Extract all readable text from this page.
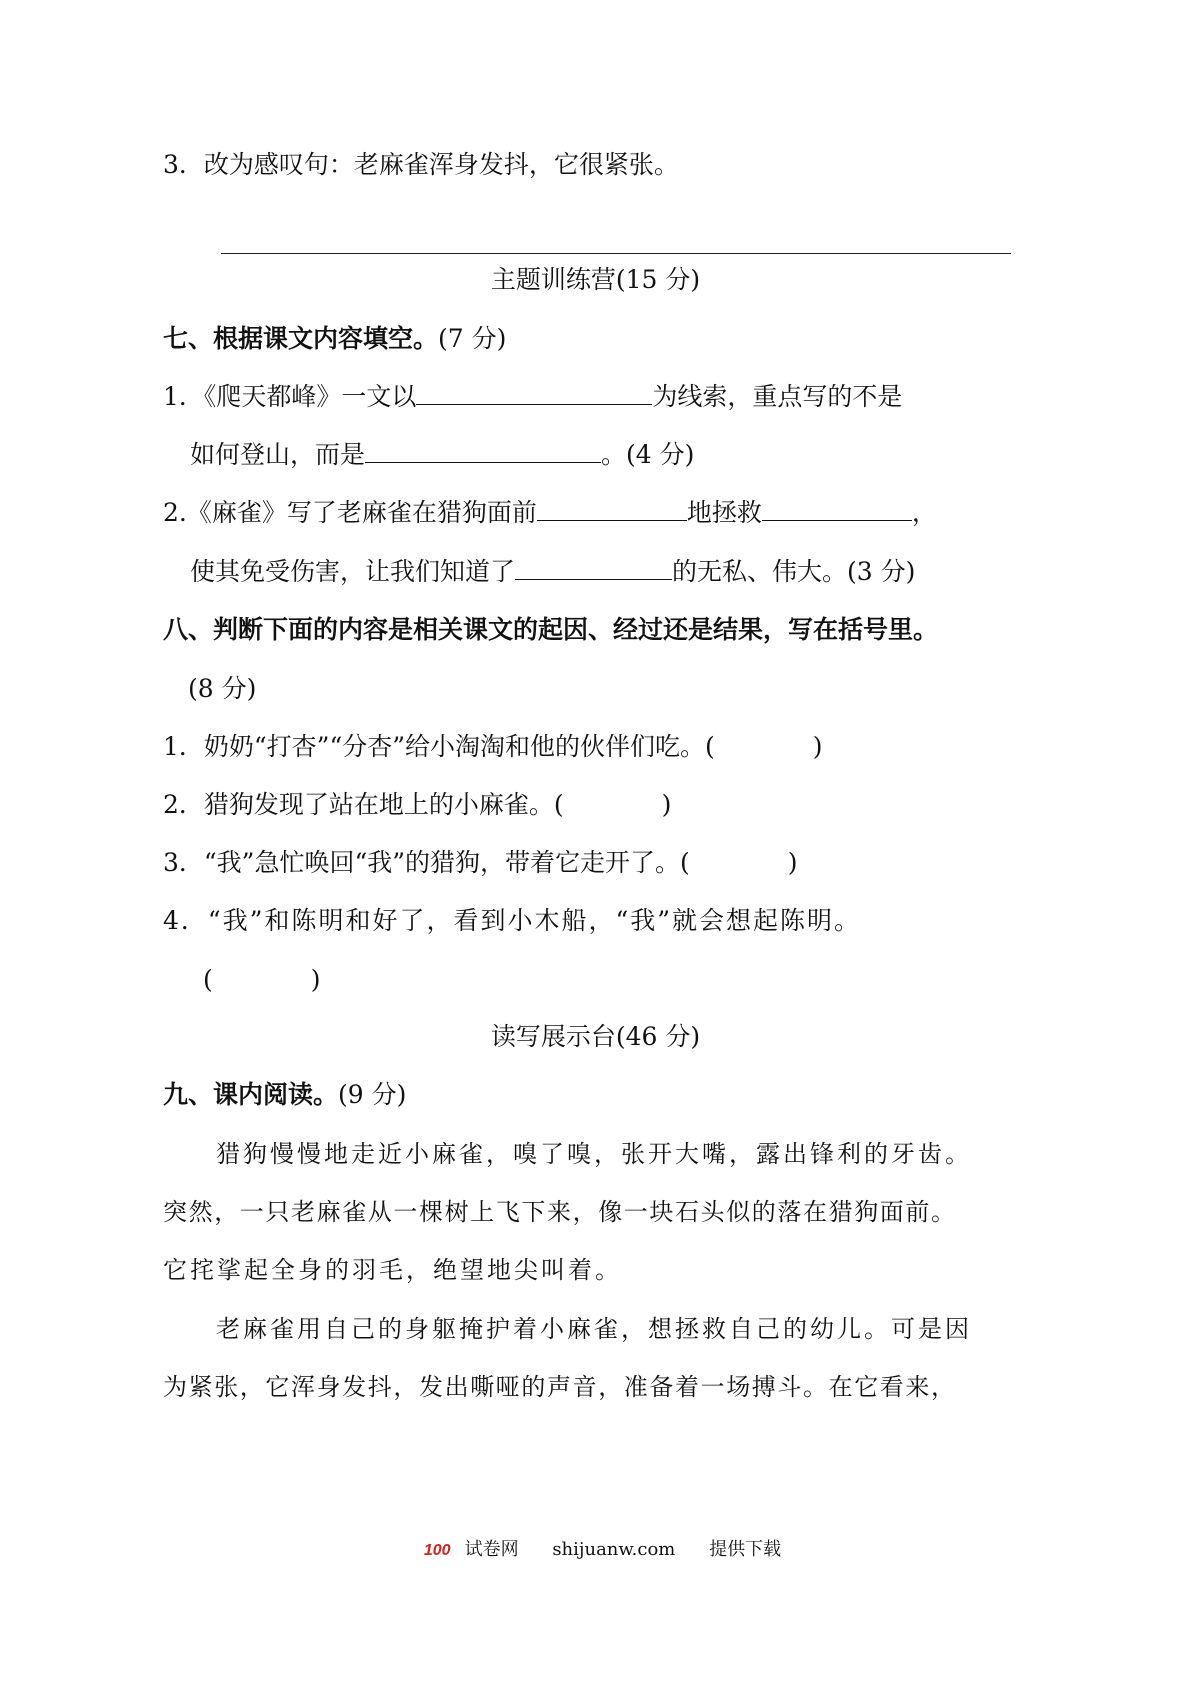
3．改为感叹句：老麻雀浑身发抖，它很紧张。
主题训练营(15 分)
七、根据课文内容填空。(7 分)
1．《爬天都峰》一文以	为线索，重点写的不是
如何登山，而是	。(4 分)
2.《麻雀》写了老麻雀在猎狗面前	地拯救	，
使其免受伤害，让我们知道了	的无私、伟大。(3 分)
八、判断下面的内容是相关课文的起因、经过还是结果，写在括号里。
(8 分)
1．奶奶“打杏”“分杏”给小淘淘和他的伙伴们吃。(	)
2．猎狗发现了站在地上的小麻雀。(	)
3．“我”急忙唤回“我”的猎狗，带着它走开了。(	)
4．“我”和陈明和好了，看到小木船，“我”就会想起陈明。
(	)
读写展示台(46 分)
九、课内阅读。(9 分)
猎狗慢慢地走近小麻雀，嗅了嗅，张开大嘴，露出锋利的牙齿。
突然，一只老麻雀从一棵树上飞下来，像一块石头似的落在猎狗面前。
它挓挲起全身的羽毛，绝望地尖叫着。
老麻雀用自己的身躯掩护着小麻雀，想拯救自己的幼儿。可是因
为紧张，它浑身发抖，发出嘶哑的声音，准备着一场搏斗。在它看来，
100 试卷网 shijuanw.com 提供下载
